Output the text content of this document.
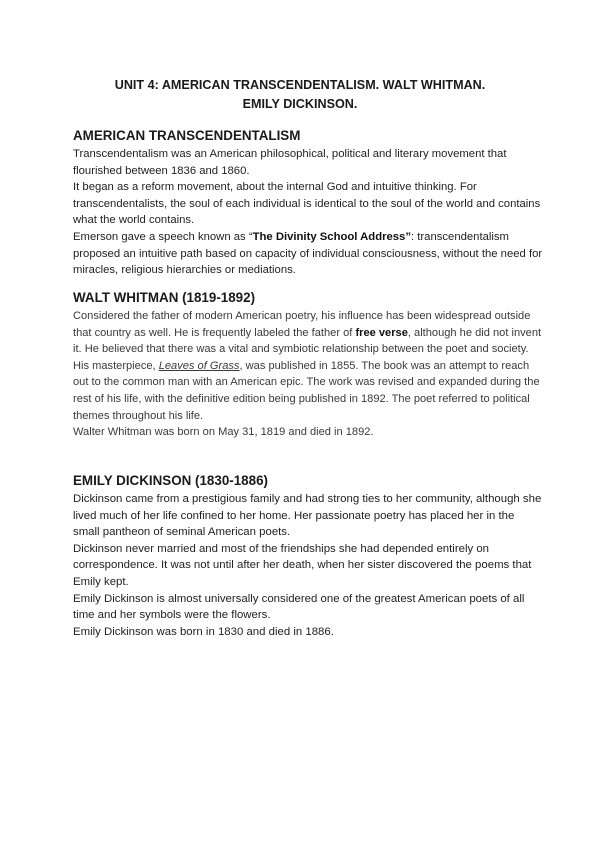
UNIT 4: AMERICAN TRANSCENDENTALISM. WALT WHITMAN.
EMILY DICKINSON.
AMERICAN TRANSCENDENTALISM

Transcendentalism was an American philosophical, political and literary movement that flourished between 1836 and 1860.

It began as a reform movement, about the internal God and intuitive thinking. For transcendentalists, the soul of each individual is identical to the soul of the world and contains what the world contains.

Emerson gave a speech known as “The Divinity School Address”: transcendentalism proposed an intuitive path based on capacity of individual consciousness, without the need for miracles, religious hierarchies or mediations.

WALT WHITMAN (1819-1892)

Considered the father of modern American poetry, his influence has been widespread outside that country as well. He is frequently labeled the father of free verse, although he did not invent it. He believed that there was a vital and symbiotic relationship between the poet and society.

His masterpiece, Leaves of Grass, was published in 1855. The book was an attempt to reach out to the common man with an American epic. The work was revised and expanded during the rest of his life, with the definitive edition being published in 1892. The poet referred to political themes throughout his life.

Walter Whitman was born on May 31, 1819 and died in 1892.

EMILY DICKINSON (1830-1886)

Dickinson came from a prestigious family and had strong ties to her community, although she lived much of her life confined to her home. Her passionate poetry has placed her in the small pantheon of seminal American poets.

Dickinson never married and most of the friendships she had depended entirely on correspondence. It was not until after her death, when her sister discovered the poems that Emily kept.

Emily Dickinson is almost universally considered one of the greatest American poets of all time and her symbols were the flowers.

Emily Dickinson was born in 1830 and died in 1886.
